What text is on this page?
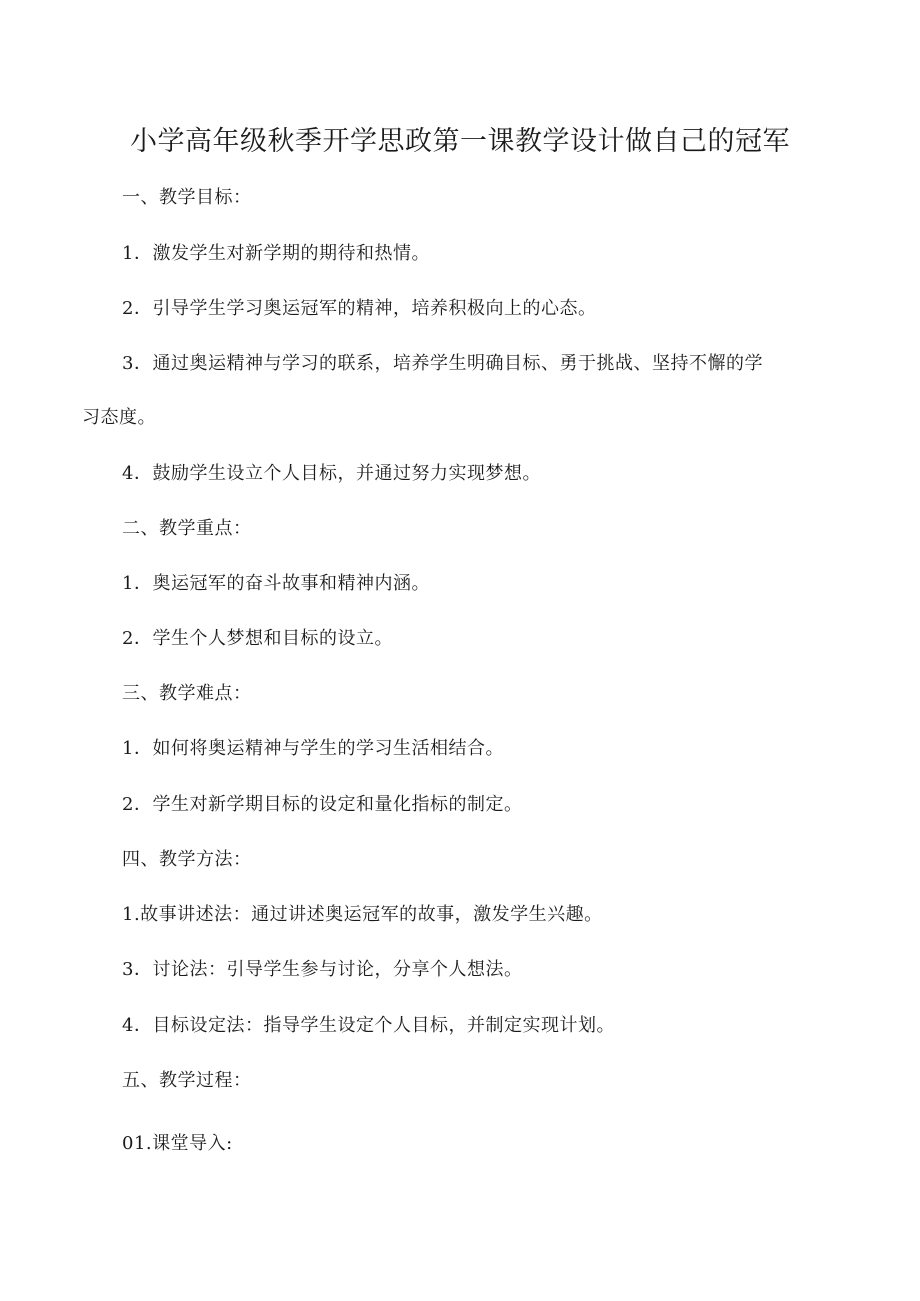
小学高年级秋季开学思政第一课教学设计做自己的冠军
一、教学目标：
1．激发学生对新学期的期待和热情。
2．引导学生学习奥运冠军的精神，培养积极向上的心态。
3．通过奥运精神与学习的联系，培养学生明确目标、勇于挑战、坚持不懈的学
习态度。
4．鼓励学生设立个人目标，并通过努力实现梦想。
二、教学重点：
1．奥运冠军的奋斗故事和精神内涵。
2．学生个人梦想和目标的设立。
三、教学难点：
1．如何将奥运精神与学生的学习生活相结合。
2．学生对新学期目标的设定和量化指标的制定。
四、教学方法：
1.故事讲述法：通过讲述奥运冠军的故事，激发学生兴趣。
3．讨论法：引导学生参与讨论，分享个人想法。
4．目标设定法：指导学生设定个人目标，并制定实现计划。
五、教学过程：
01.课堂导入:
